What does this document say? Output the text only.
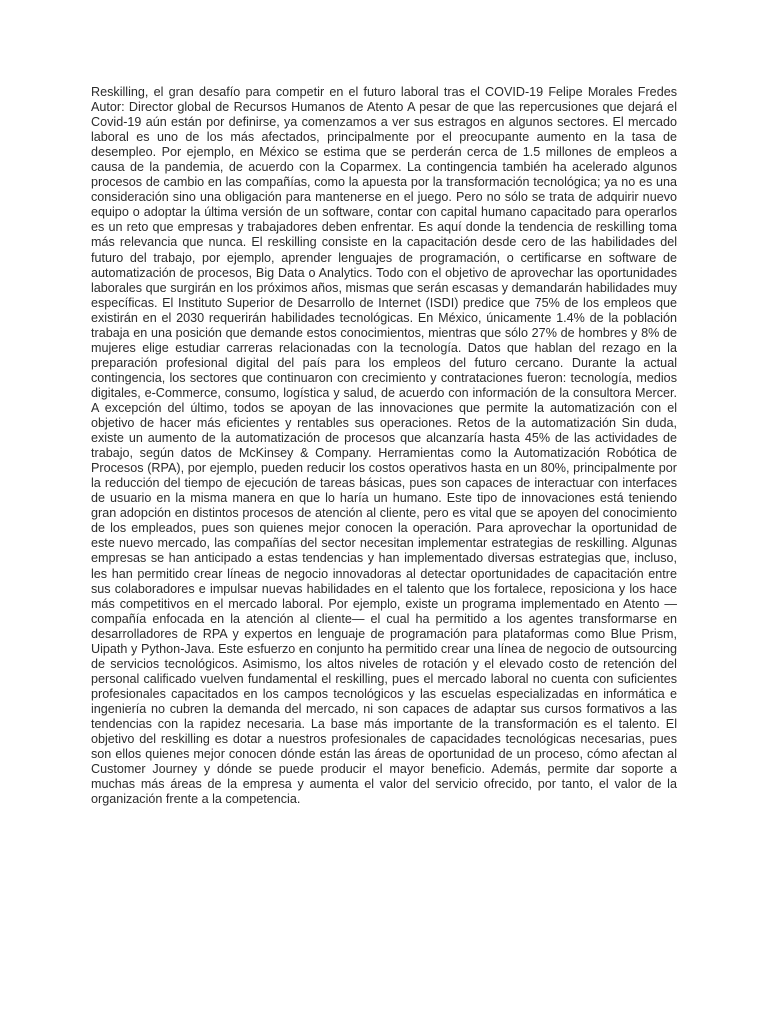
Reskilling, el gran desafío para competir en el futuro laboral tras el COVID-19 Felipe Morales Fredes Autor: Director global de Recursos Humanos de Atento A pesar de que las repercusiones que dejará el Covid-19 aún están por definirse, ya comenzamos a ver sus estragos en algunos sectores. El mercado laboral es uno de los más afectados, principalmente por el preocupante aumento en la tasa de desempleo. Por ejemplo, en México se estima que se perderán cerca de 1.5 millones de empleos a causa de la pandemia, de acuerdo con la Coparmex. La contingencia también ha acelerado algunos procesos de cambio en las compañías, como la apuesta por la transformación tecnológica; ya no es una consideración sino una obligación para mantenerse en el juego. Pero no sólo se trata de adquirir nuevo equipo o adoptar la última versión de un software, contar con capital humano capacitado para operarlos es un reto que empresas y trabajadores deben enfrentar. Es aquí donde la tendencia de reskilling toma más relevancia que nunca. El reskilling consiste en la capacitación desde cero de las habilidades del futuro del trabajo, por ejemplo, aprender lenguajes de programación, o certificarse en software de automatización de procesos, Big Data o Analytics. Todo con el objetivo de aprovechar las oportunidades laborales que surgirán en los próximos años, mismas que serán escasas y demandarán habilidades muy específicas. El Instituto Superior de Desarrollo de Internet (ISDI) predice que 75% de los empleos que existirán en el 2030 requerirán habilidades tecnológicas. En México, únicamente 1.4% de la población trabaja en una posición que demande estos conocimientos, mientras que sólo 27% de hombres y 8% de mujeres elige estudiar carreras relacionadas con la tecnología. Datos que hablan del rezago en la preparación profesional digital del país para los empleos del futuro cercano. Durante la actual contingencia, los sectores que continuaron con crecimiento y contrataciones fueron: tecnología, medios digitales, e-Commerce, consumo, logística y salud, de acuerdo con información de la consultora Mercer. A excepción del último, todos se apoyan de las innovaciones que permite la automatización con el objetivo de hacer más eficientes y rentables sus operaciones. Retos de la automatización Sin duda, existe un aumento de la automatización de procesos que alcanzaría hasta 45% de las actividades de trabajo, según datos de McKinsey & Company. Herramientas como la Automatización Robótica de Procesos (RPA), por ejemplo, pueden reducir los costos operativos hasta en un 80%, principalmente por la reducción del tiempo de ejecución de tareas básicas, pues son capaces de interactuar con interfaces de usuario en la misma manera en que lo haría un humano. Este tipo de innovaciones está teniendo gran adopción en distintos procesos de atención al cliente, pero es vital que se apoyen del conocimiento de los empleados, pues son quienes mejor conocen la operación. Para aprovechar la oportunidad de este nuevo mercado, las compañías del sector necesitan implementar estrategias de reskilling. Algunas empresas se han anticipado a estas tendencias y han implementado diversas estrategias que, incluso, les han permitido crear líneas de negocio innovadoras al detectar oportunidades de capacitación entre sus colaboradores e impulsar nuevas habilidades en el talento que los fortalece, reposiciona y los hace más competitivos en el mercado laboral. Por ejemplo, existe un programa implementado en Atento —compañía enfocada en la atención al cliente— el cual ha permitido a los agentes transformarse en desarrolladores de RPA y expertos en lenguaje de programación para plataformas como Blue Prism, Uipath y Python-Java. Este esfuerzo en conjunto ha permitido crear una línea de negocio de outsourcing de servicios tecnológicos. Asimismo, los altos niveles de rotación y el elevado costo de retención del personal calificado vuelven fundamental el reskilling, pues el mercado laboral no cuenta con suficientes profesionales capacitados en los campos tecnológicos y las escuelas especializadas en informática e ingeniería no cubren la demanda del mercado, ni son capaces de adaptar sus cursos formativos a las tendencias con la rapidez necesaria. La base más importante de la transformación es el talento. El objetivo del reskilling es dotar a nuestros profesionales de capacidades tecnológicas necesarias, pues son ellos quienes mejor conocen dónde están las áreas de oportunidad de un proceso, cómo afectan al Customer Journey y dónde se puede producir el mayor beneficio. Además, permite dar soporte a muchas más áreas de la empresa y aumenta el valor del servicio ofrecido, por tanto, el valor de la organización frente a la competencia.
